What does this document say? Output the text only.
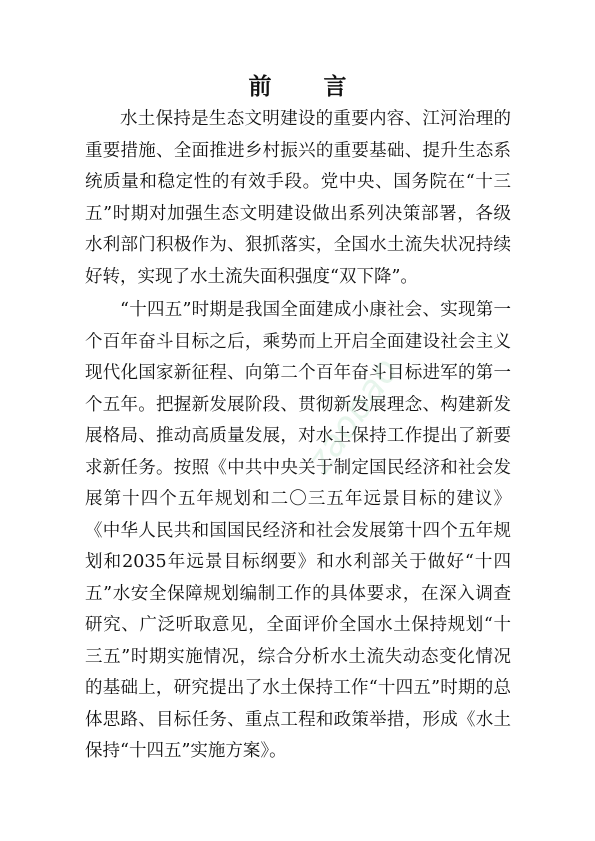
前 言

水土保持是生态文明建设的重要内容、江河治理的重要措施、全面推进乡村振兴的重要基础、提升生态系统质量和稳定性的有效手段。党中央、国务院在“十三五”时期对加强生态文明建设做出系列决策部署，各级水利部门积极作为、狠抓落实，全国水土流失状况持续好转，实现了水土流失面积强度“双下降”。

“十四五”时期是我国全面建成小康社会、实现第一个百年奋斗目标之后，乘势而上开启全面建设社会主义现代化国家新征程、向第二个百年奋斗目标进军的第一个五年。把握新发展阶段、贯彻新发展理念、构建新发展格局、推动高质量发展，对水土保持工作提出了新要求新任务。按照《中共中央关于制定国民经济和社会发展第十四个五年规划和二〇三五年远景目标的建议》《中华人民共和国国民经济和社会发展第十四个五年规划和2035年远景目标纲要》和水利部关于做好“十四五”水安全保障规划编制工作的具体要求，在深入调查研究、广泛听取意见，全面评价全国水土保持规划“十三五”时期实施情况，综合分析水土流失动态变化情况的基础上，研究提出了水土保持工作“十四五”时期的总体思路、目标任务、重点工程和政策举措，形成《水土保持“十四五”实施方案》。

zaobao
